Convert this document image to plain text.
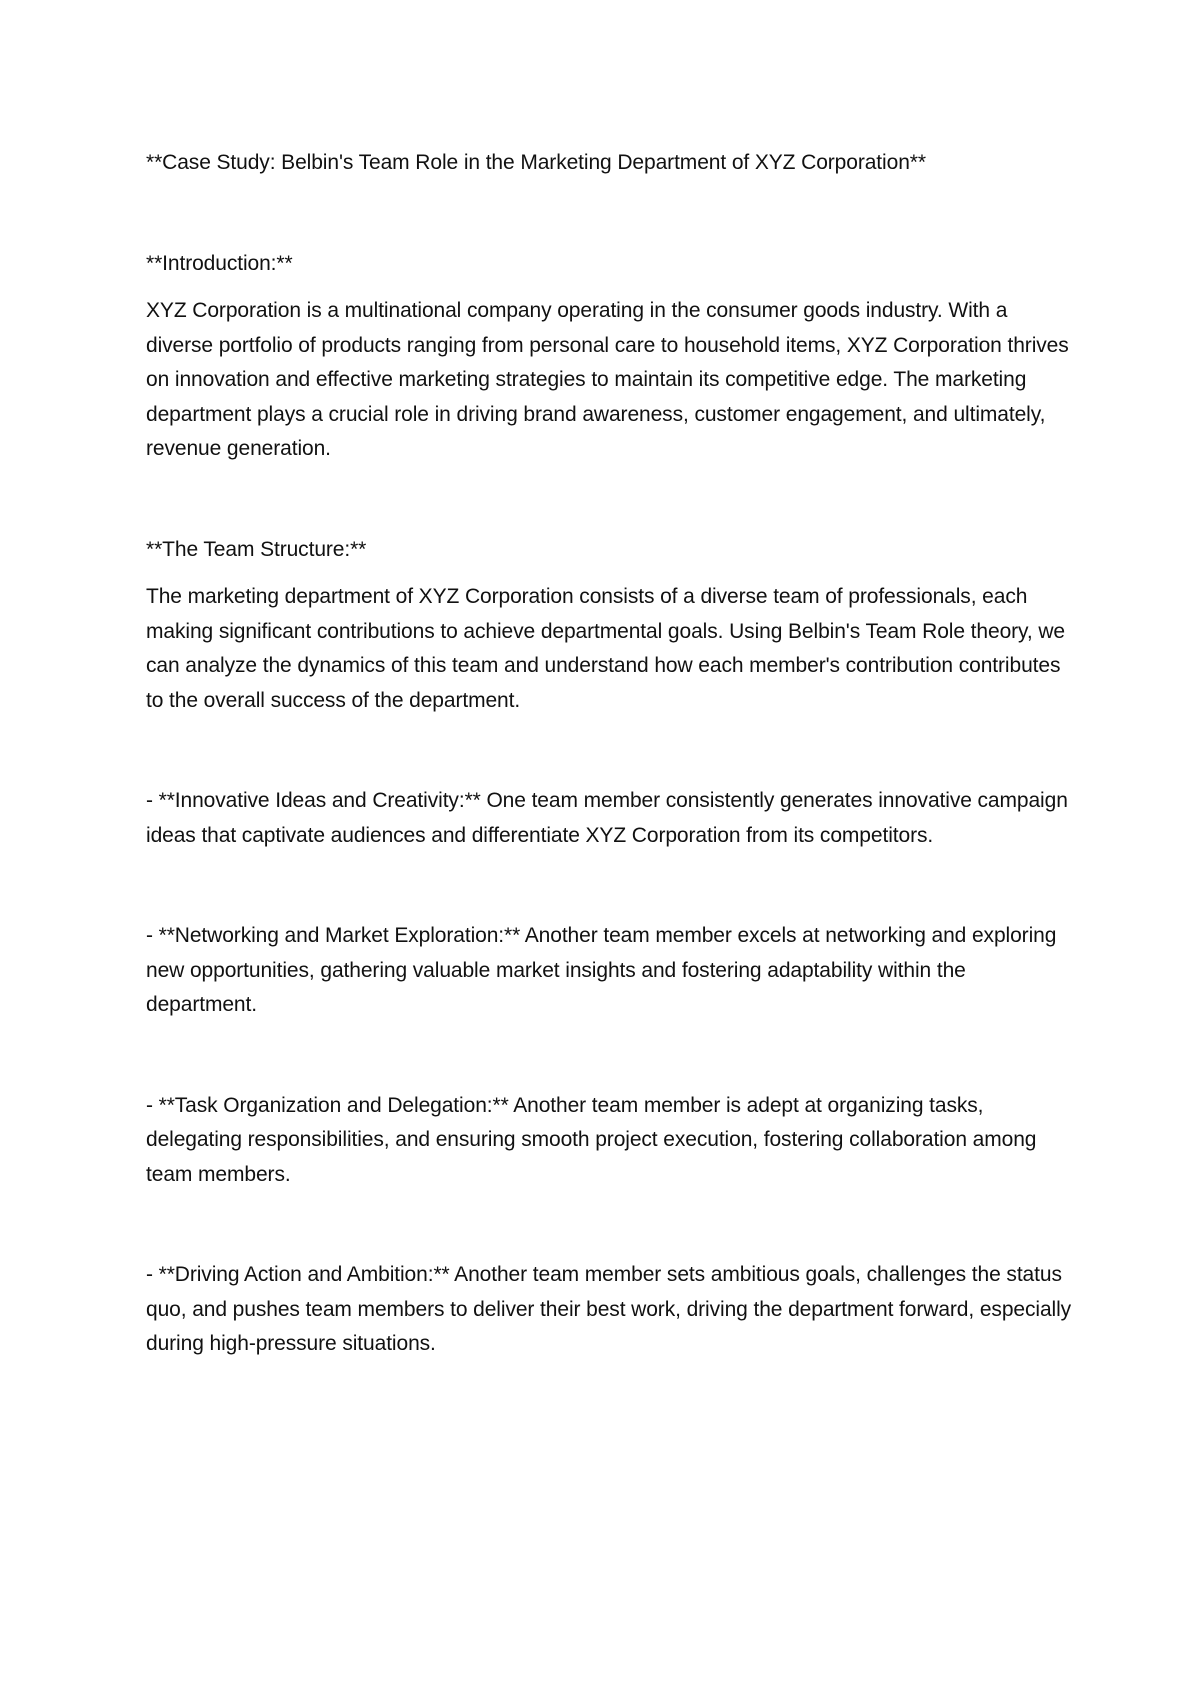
**Case Study: Belbin's Team Role in the Marketing Department of XYZ Corporation**

**Introduction:**

XYZ Corporation is a multinational company operating in the consumer goods industry. With a diverse portfolio of products ranging from personal care to household items, XYZ Corporation thrives on innovation and effective marketing strategies to maintain its competitive edge. The marketing department plays a crucial role in driving brand awareness, customer engagement, and ultimately, revenue generation.

**The Team Structure:**

The marketing department of XYZ Corporation consists of a diverse team of professionals, each making significant contributions to achieve departmental goals. Using Belbin's Team Role theory, we can analyze the dynamics of this team and understand how each member's contribution contributes to the overall success of the department.

- **Innovative Ideas and Creativity:** One team member consistently generates innovative campaign ideas that captivate audiences and differentiate XYZ Corporation from its competitors.

- **Networking and Market Exploration:** Another team member excels at networking and exploring new opportunities, gathering valuable market insights and fostering adaptability within the department.

- **Task Organization and Delegation:** Another team member is adept at organizing tasks, delegating responsibilities, and ensuring smooth project execution, fostering collaboration among team members.

- **Driving Action and Ambition:** Another team member sets ambitious goals, challenges the status quo, and pushes team members to deliver their best work, driving the department forward, especially during high-pressure situations.
